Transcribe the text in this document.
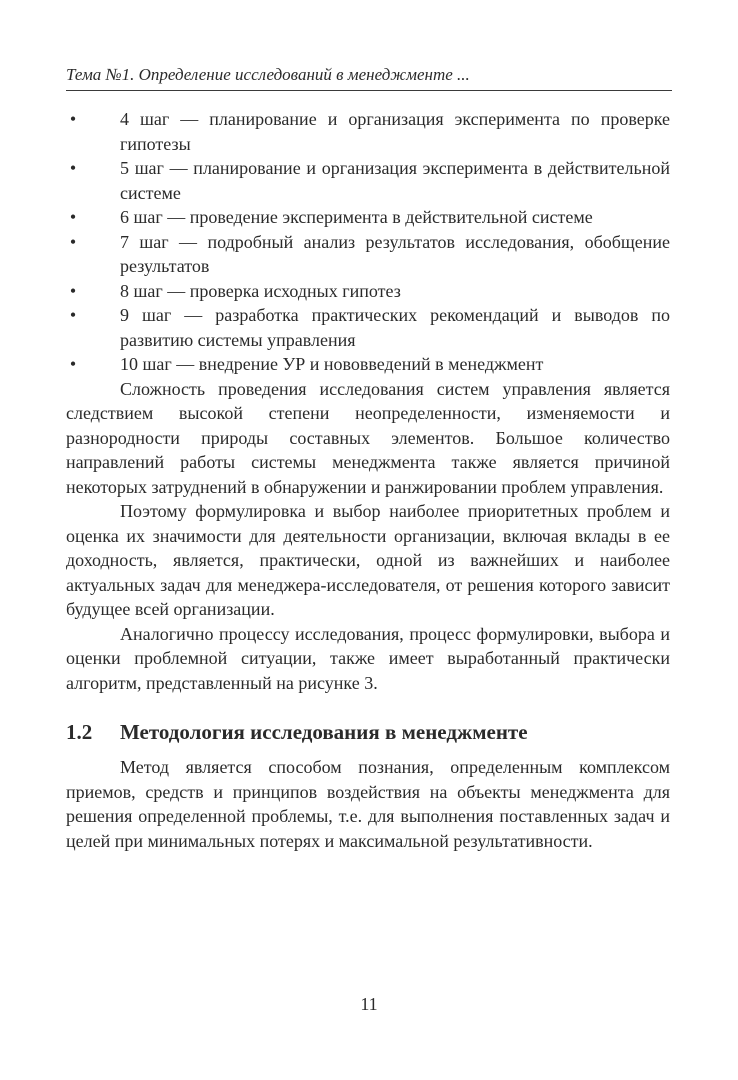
Тема №1. Определение исследований в менеджменте ...
• 4 шаг — планирование и организация эксперимента по проверке гипотезы
• 5 шаг — планирование и организация эксперимента в действительной системе
• 6 шаг — проведение эксперимента в действительной системе
• 7 шаг — подробный анализ результатов исследования, обобщение результатов
• 8 шаг — проверка исходных гипотез
• 9 шаг — разработка практических рекомендаций и выводов по развитию системы управления
• 10 шаг — внедрение УР и нововведений в менеджмент

Сложность проведения исследования систем управления является следствием высокой степени неопределенности, изменяемости и разнородности природы составных элементов. Большое количество направлений работы системы менеджмента также является причиной некоторых затруднений в обнаружении и ранжировании проблем управления.

Поэтому формулировка и выбор наиболее приоритетных проблем и оценка их значимости для деятельности организации, включая вклады в ее доходность, является, практически, одной из важнейших и наиболее актуальных задач для менеджера-исследователя, от решения которого зависит будущее всей организации.

Аналогично процессу исследования, процесс формулировки, выбора и оценки проблемной ситуации, также имеет выработанный практически алгоритм, представленный на рисунке 3.

1.2 Методология исследования в менеджменте

Метод является способом познания, определенным комплексом приемов, средств и принципов воздействия на объекты менеджмента для решения определенной проблемы, т.е. для выполнения поставленных задач и целей при минимальных потерях и максимальной результативности.

11
